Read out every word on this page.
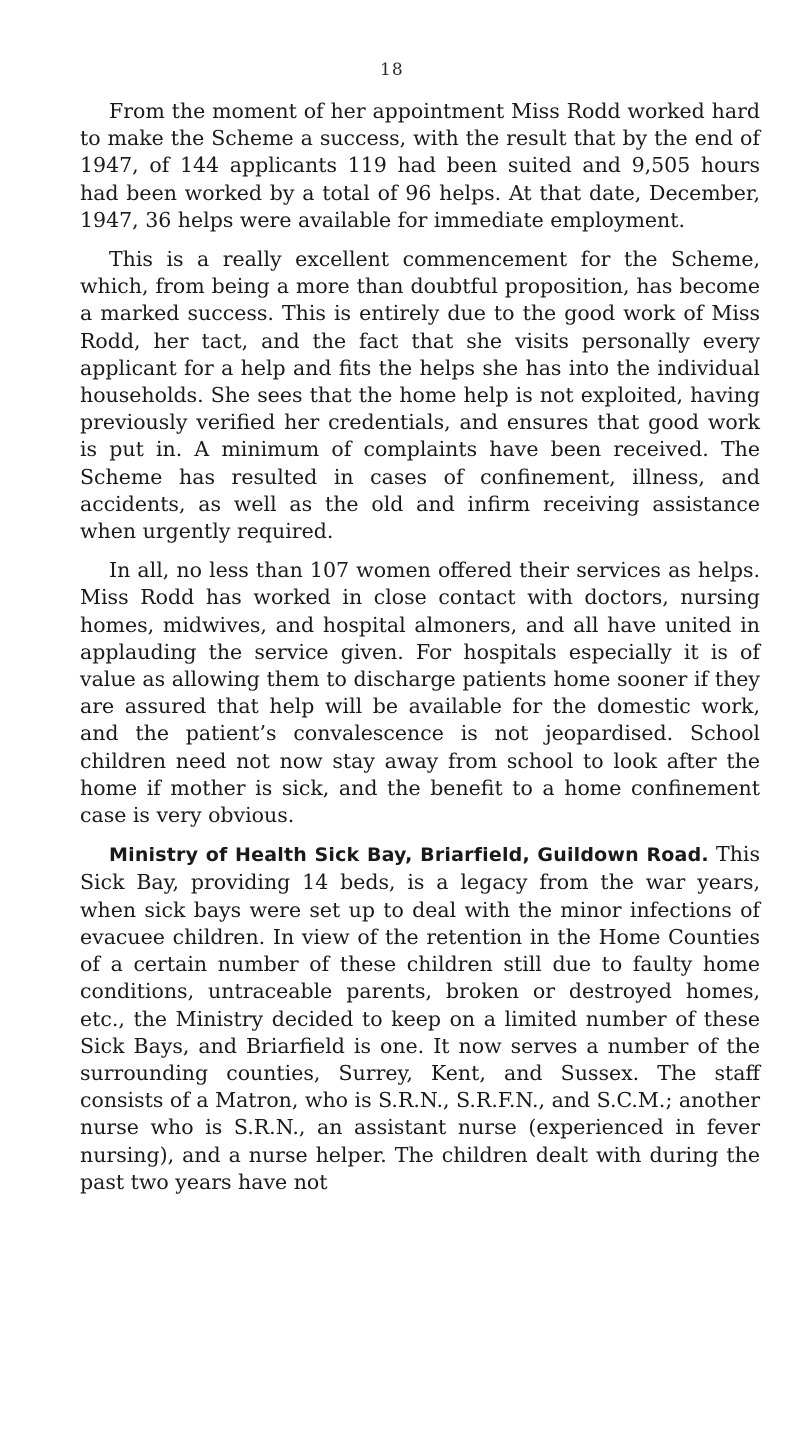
18

From the moment of her appointment Miss Rodd worked hard to make the Scheme a success, with the result that by the end of 1947, of 144 applicants 119 had been suited and 9,505 hours had been worked by a total of 96 helps. At that date, December, 1947, 36 helps were available for immediate employment.

This is a really excellent commencement for the Scheme, which, from being a more than doubtful proposition, has become a marked success. This is entirely due to the good work of Miss Rodd, her tact, and the fact that she visits personally every applicant for a help and fits the helps she has into the individual households. She sees that the home help is not exploited, having previously verified her credentials, and ensures that good work is put in. A minimum of complaints have been received. The Scheme has resulted in cases of confinement, illness, and accidents, as well as the old and infirm receiving assistance when urgently required.

In all, no less than 107 women offered their services as helps. Miss Rodd has worked in close contact with doctors, nursing homes, midwives, and hospital almoners, and all have united in applauding the service given. For hospitals especially it is of value as allowing them to discharge patients home sooner if they are assured that help will be available for the domestic work, and the patient’s convalescence is not jeopardised. School children need not now stay away from school to look after the home if mother is sick, and the benefit to a home confinement case is very obvious.

Ministry of Health Sick Bay, Briarfield, Guildown Road. This Sick Bay, providing 14 beds, is a legacy from the war years, when sick bays were set up to deal with the minor infections of evacuee children. In view of the retention in the Home Counties of a certain number of these children still due to faulty home conditions, untraceable parents, broken or destroyed homes, etc., the Ministry decided to keep on a limited number of these Sick Bays, and Briarfield is one. It now serves a number of the surrounding counties, Surrey, Kent, and Sussex. The staff consists of a Matron, who is S.R.N., S.R.F.N., and S.C.M.; another nurse who is S.R.N., an assistant nurse (experienced in fever nursing), and a nurse helper. The children dealt with during the past two years have not
